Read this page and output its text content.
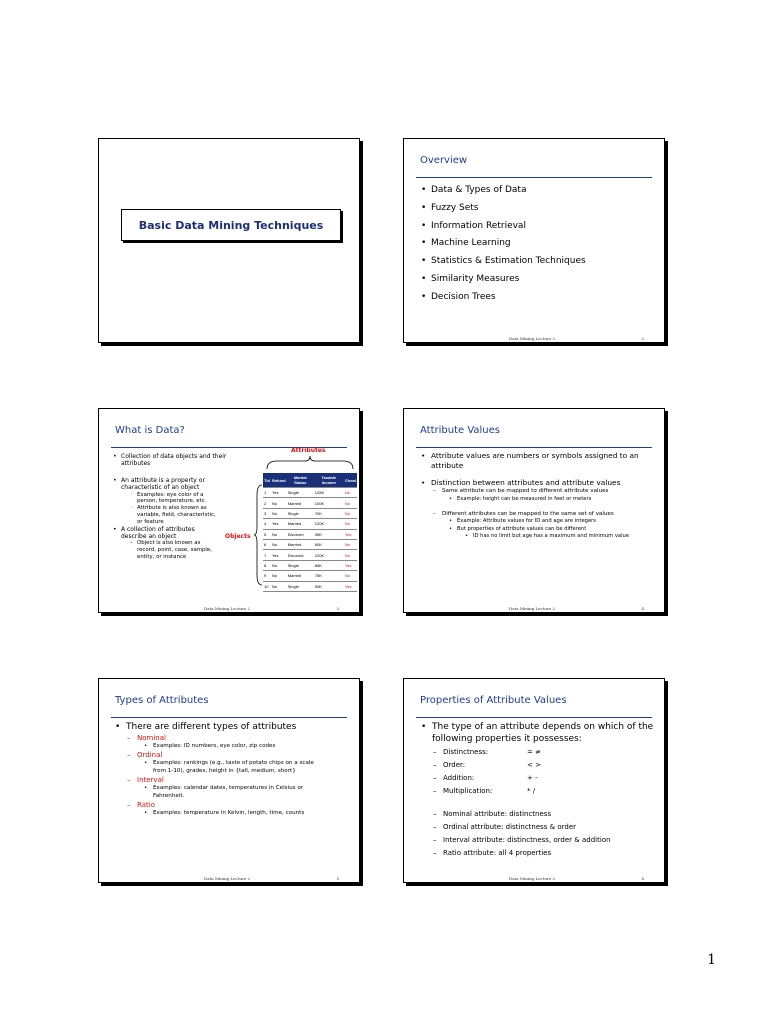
Basic Data Mining Techniques
Overview
• Data & Types of Data
• Fuzzy Sets
• Information Retrieval
• Machine Learning
• Statistics & Estimation Techniques
• Similarity Measures
• Decision Trees
Data Mining Lecture 2	2
What is Data?
• Collection of data objects and their attributes
• An attribute is a property or characteristic of an object
◦ Examples: eye color of a person, temperature, etc.
◦ Attribute is also known as variable, field, characteristic, or feature
• A collection of attributes describe an object
– Object is also known as record, point, case, sample, entity, or instance
Attributes
Objects
Tid	Refund	Marital Status	Taxable Income	Cheat
1	Yes	Single	125K	No
2	No	Married	100K	No
3	No	Single	70K	No
4	Yes	Married	120K	No
5	No	Divorced	95K	Yes
6	No	Married	60K	No
7	Yes	Divorced	220K	No
8	No	Single	85K	Yes
9	No	Married	75K	No
10	No	Single	90K	Yes
Data Mining Lecture 2	3
Attribute Values
• Attribute values are numbers or symbols assigned to an attribute
• Distinction between attributes and attribute values
– Same attribute can be mapped to different attribute values
• Example: height can be measured in feet or meters
– Different attributes can be mapped to the same set of values
• Example: Attribute values for ID and age are integers
• But properties of attribute values can be different
• ID has no limit but age has a maximum and minimum value
Data Mining Lecture 2	4
Types of Attributes
• There are different types of attributes
– Nominal
• Examples: ID numbers, eye color, zip codes
– Ordinal
• Examples: rankings (e.g., taste of potato chips on a scale from 1-10), grades, height in {tall, medium, short}
– Interval
• Examples: calendar dates, temperatures in Celsius or Fahrenheit.
– Ratio
• Examples: temperature in Kelvin, length, time, counts
Data Mining Lecture 2	5
Properties of Attribute Values
• The type of an attribute depends on which of the following properties it possesses:
– Distinctness:	= ≠
– Order:	< >
– Addition:	+ -
– Multiplication:	* /
– Nominal attribute: distinctness
– Ordinal attribute: distinctness & order
– Interval attribute: distinctness, order & addition
– Ratio attribute: all 4 properties
Data Mining Lecture 2	6
1
